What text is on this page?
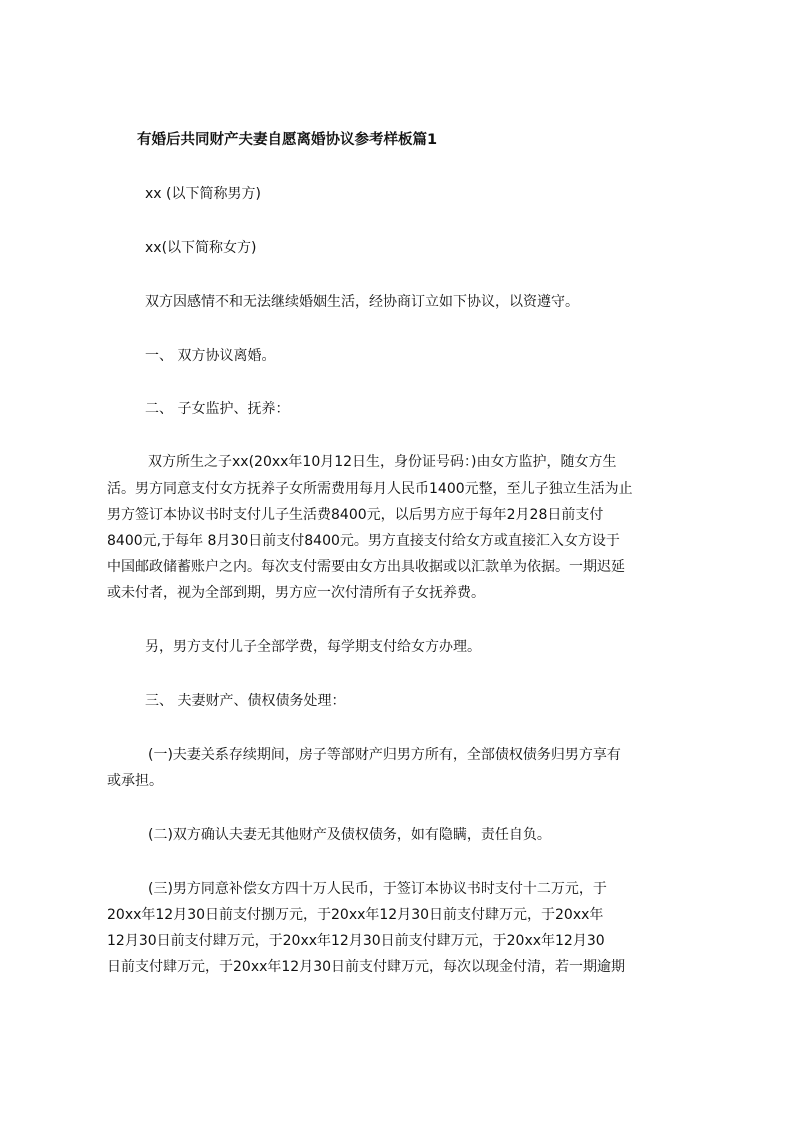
有婚后共同财产夫妻自愿离婚协议参考样板篇1
xx (以下简称男方)
xx(以下简称女方)
双方因感情不和无法继续婚姻生活，经协商订立如下协议，以资遵守。
一、 双方协议离婚。
二、 子女监护、抚养：
双方所生之子xx(20xx年10月12日生，身份证号码：)由女方监护，随女方生
活。男方同意支付女方抚养子女所需费用每月人民币1400元整，至儿子独立生活为止
男方签订本协议书时支付儿子生活费8400元，以后男方应于每年2月28日前支付
8400元,于每年 8月30日前支付8400元。男方直接支付给女方或直接汇入女方设于
中国邮政储蓄账户之内。每次支付需要由女方出具收据或以汇款单为依据。一期迟延
或未付者，视为全部到期，男方应一次付清所有子女抚养费。
另，男方支付儿子全部学费，每学期支付给女方办理。
三、 夫妻财产、债权债务处理：
(一)夫妻关系存续期间，房子等部财产归男方所有，全部债权债务归男方享有
或承担。
(二)双方确认夫妻无其他财产及债权债务，如有隐瞒，责任自负。
(三)男方同意补偿女方四十万人民币，于签订本协议书时支付十二万元，于
20xx年12月30日前支付捌万元，于20xx年12月30日前支付肆万元，于20xx年
12月30日前支付肆万元，于20xx年12月30日前支付肆万元，于20xx年12月30
日前支付肆万元，于20xx年12月30日前支付肆万元，每次以现金付清，若一期逾期
